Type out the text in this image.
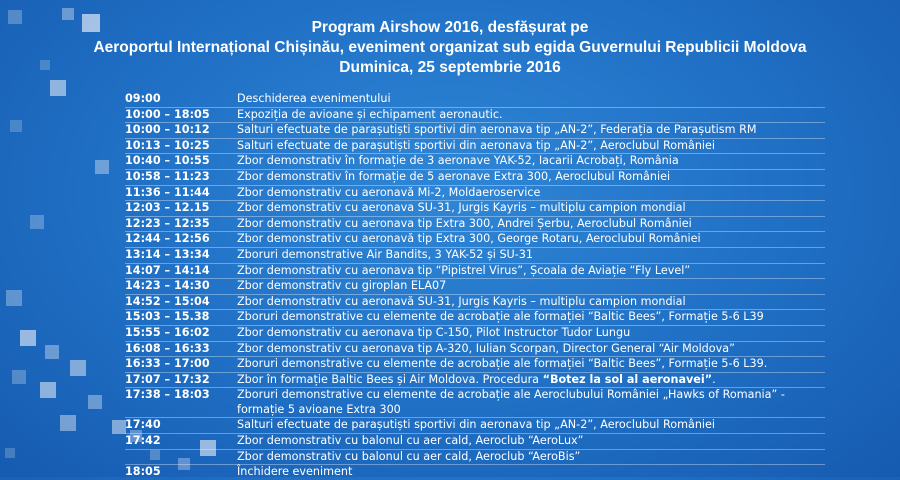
Program Airshow 2016, desfășurat pe
Aeroportul Internațional Chișinău, eveniment organizat sub egida Guvernului Republicii Moldova
Duminica, 25 septembrie 2016
09:00	Deschiderea evenimentului
10:00 – 18:05 Expoziția de avioane și echipament aeronautic.
10:00 – 10:12 Salturi efectuate de parașutiști sportivi din aeronava tip „AN-2”, Federația de Parașutism RM
10:13 – 10:25 Salturi efectuate de parașutiști sportivi din aeronava tip „AN-2”, Aeroclubul României
10:40 – 10:55 Zbor demonstrativ în formație de 3 aeronave YAK-52, Iacarii Acrobați, România
10:58 – 11:23 Zbor demonstrativ în formație de 5 aeronave Extra 300, Aeroclubul României
11:36 – 11:44 Zbor demonstrativ cu aeronavă Mi-2, Moldaeroservice
12:03 – 12.15 Zbor demonstrativ cu aeronava SU-31, Jurgis Kayris – multiplu campion mondial
12:23 – 12:35 Zbor demonstrativ cu aeronava tip Extra 300, Andrei Șerbu, Aeroclubul României
12:44 – 12:56 Zbor demonstrativ cu aeronavă tip Extra 300, George Rotaru, Aeroclubul României
13:14 – 13:34 Zboruri demonstrative Air Bandits, 3 YAK-52 și SU-31
14:07 – 14:14 Zbor demonstrativ cu aeronava tip “Pipistrel Virus”, Școala de Aviație “Fly Level”
14:23 – 14:30 Zbor demonstrativ cu giroplan ELA07
14:52 – 15:04 Zbor demonstrativ cu aeronavă SU-31, Jurgis Kayris – multiplu campion mondial
15:03 – 15.38 Zboruri demonstrative cu elemente de acrobație ale formației “Baltic Bees”, Formație 5-6 L39
15:55 – 16:02 Zbor demonstrativ cu aeronava tip C-150, Pilot Instructor Tudor Lungu
16:08 – 16:33 Zbor demonstrativ cu aeronava tip A-320, Iulian Scorpan, Director General “Air Moldova”
16:33 – 17:00 Zboruri demonstrative cu elemente de acrobație ale formației “Baltic Bees”, Formație 5-6 L39.
17:07 – 17:32 Zbor în formație Baltic Bees și Air Moldova. Procedura “Botez la sol al aeronavei”.
17:38 – 18:03 Zboruri demonstrative cu elemente de acrobație ale Aeroclubului României „Hawks of Romania” -
formație 5 avioane Extra 300
17:40	Salturi efectuate de parașutiști sportivi din aeronava tip „AN-2”, Aeroclubul României
17:42	Zbor demonstrativ cu balonul cu aer cald, Aeroclub “AeroLux”
Zbor demonstrativ cu balonul cu aer cald, Aeroclub “AeroBis”
18:05	Închidere eveniment
